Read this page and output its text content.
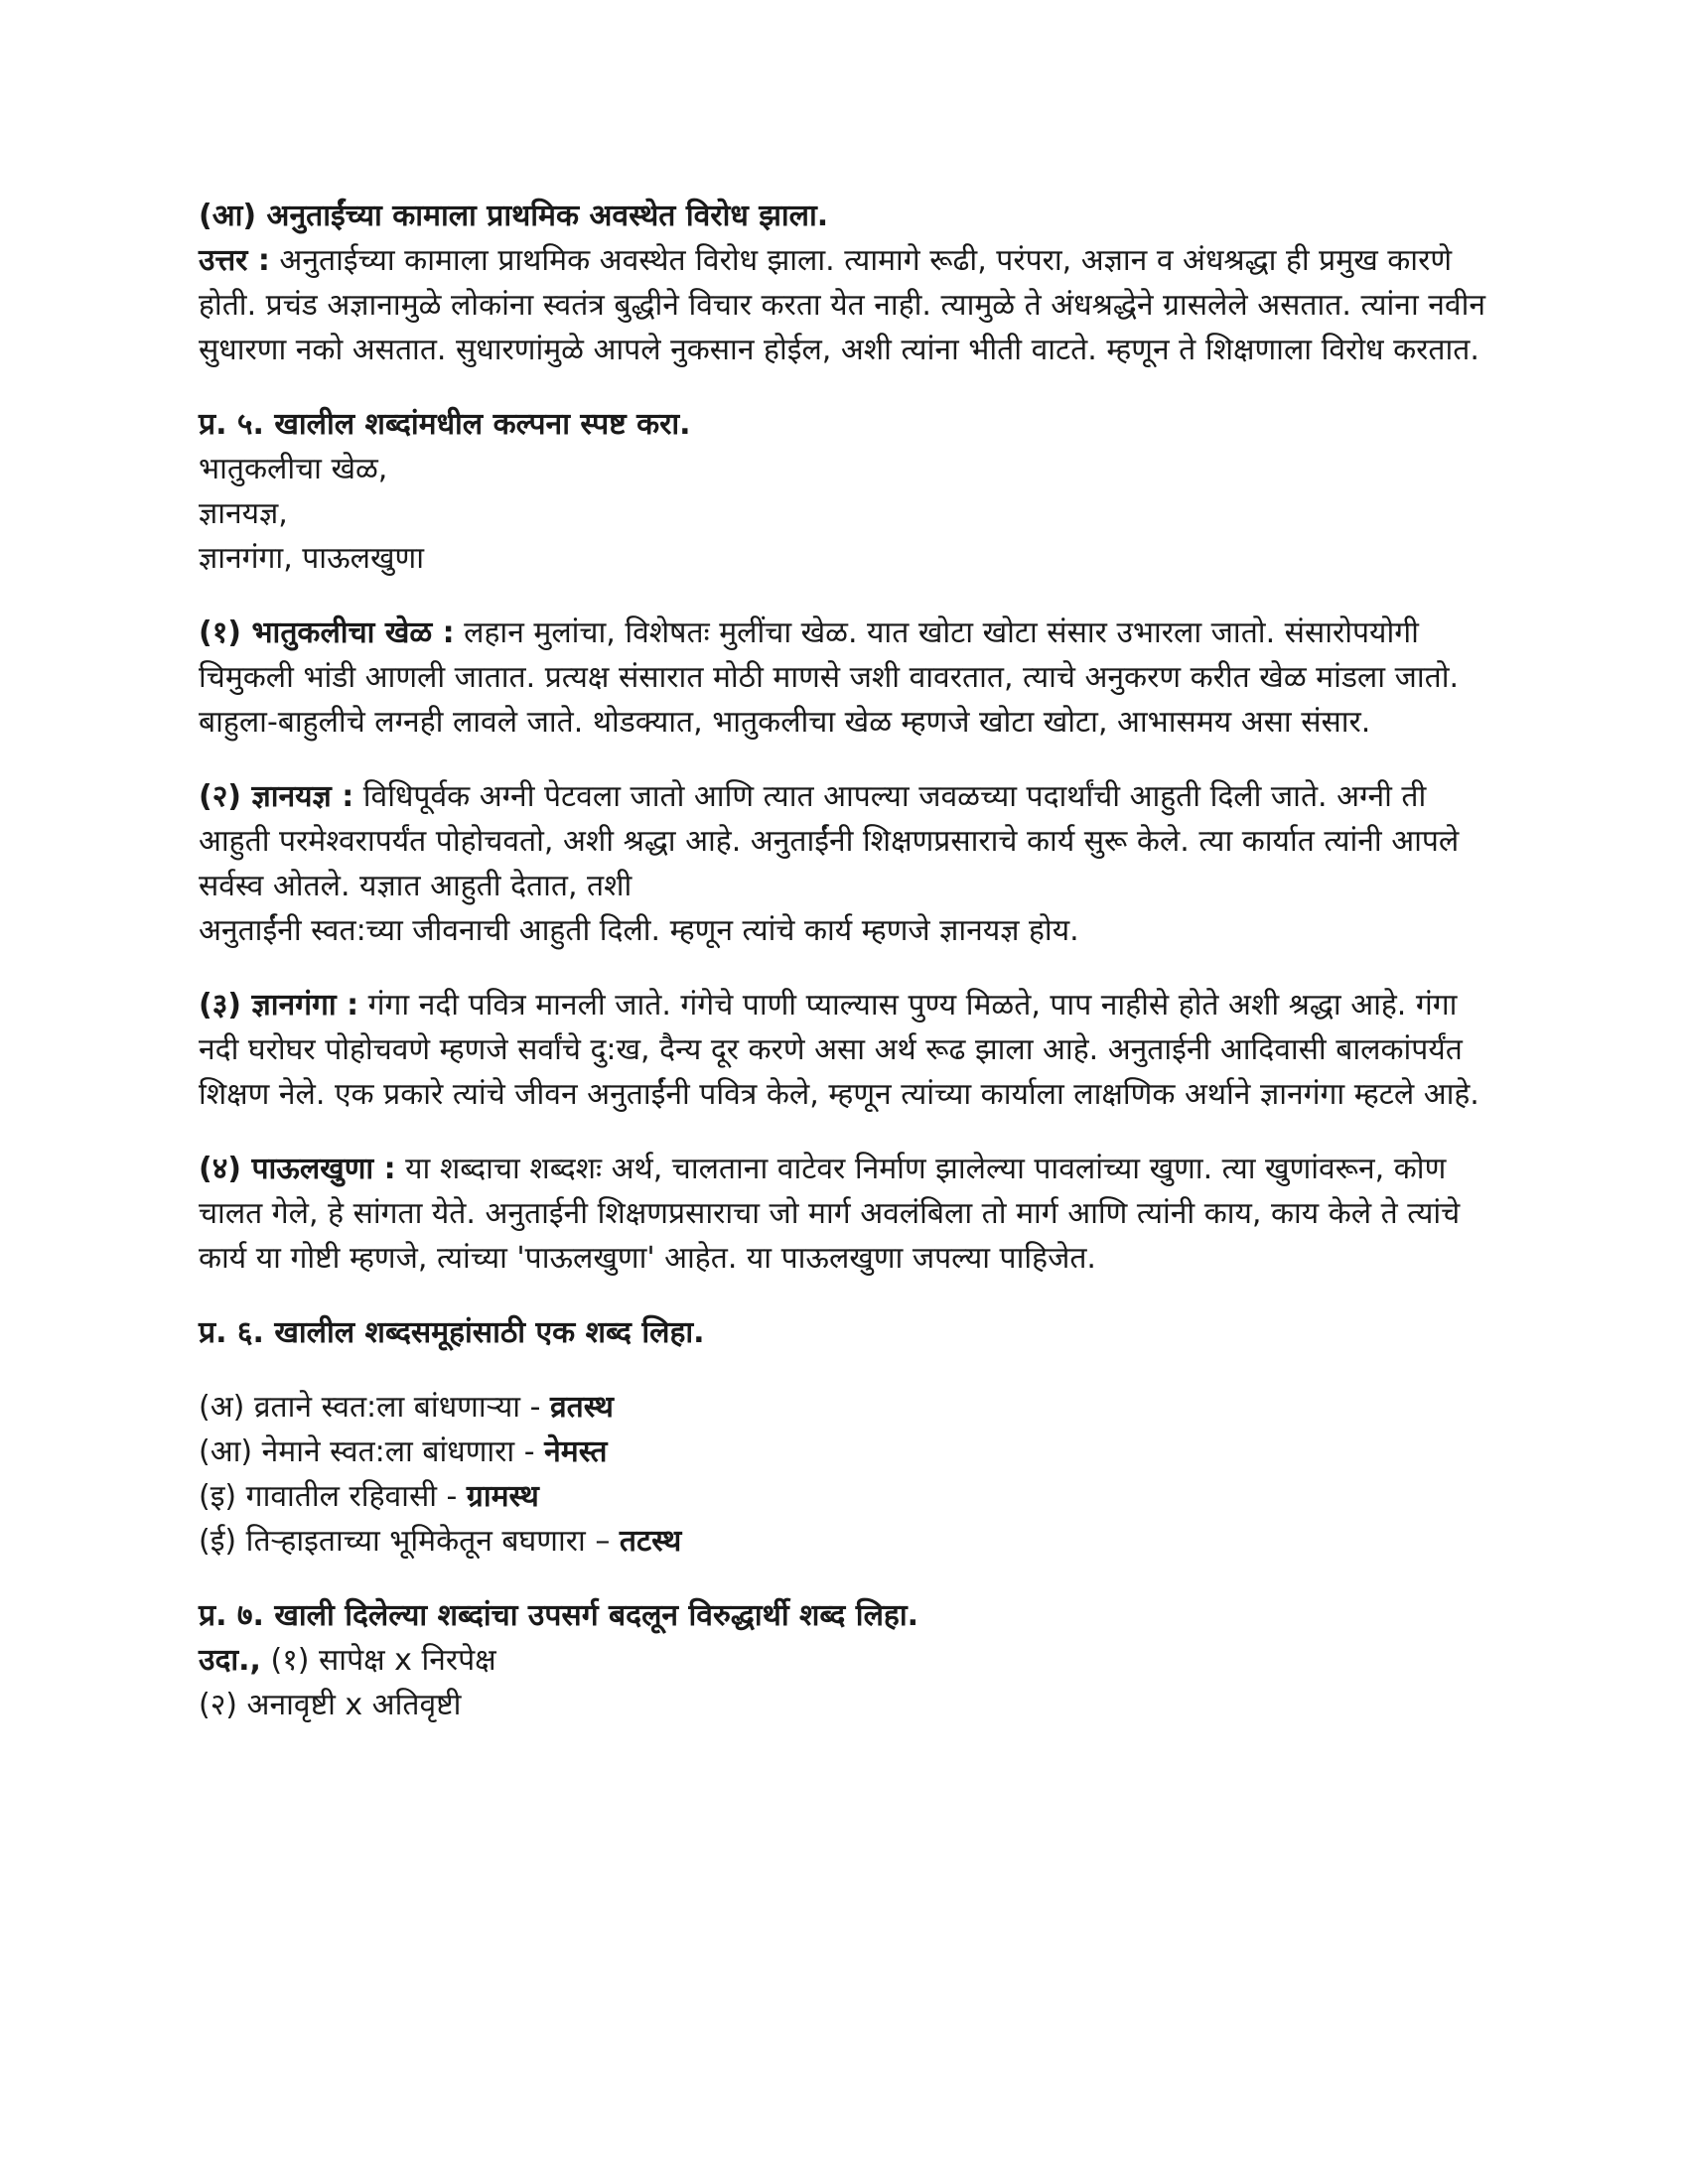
(आ) अनुताईंच्या कामाला प्राथमिक अवस्थेत विरोध झाला.

उत्तर : अनुताईच्या कामाला प्राथमिक अवस्थेत विरोध झाला. त्यामागे रूढी, परंपरा, अज्ञान व अंधश्रद्धा ही प्रमुख कारणे होती. प्रचंड अज्ञानामुळे लोकांना स्वतंत्र बुद्धीने विचार करता येत नाही. त्यामुळे ते अंधश्रद्धेने ग्रासलेले असतात. त्यांना नवीन सुधारणा नको असतात. सुधारणांमुळे आपले नुकसान होईल, अशी त्यांना भीती वाटते. म्हणून ते शिक्षणाला विरोध करतात.

प्र. ५. खालील शब्दांमधील कल्पना स्पष्ट करा.
भातुकलीचा खेळ,
ज्ञानयज्ञ,
ज्ञानगंगा, पाऊलखुणा

(१) भातुकलीचा खेळ : लहान मुलांचा, विशेषतः मुलींचा खेळ. यात खोटा खोटा संसार उभारला जातो. संसारोपयोगी चिमुकली भांडी आणली जातात. प्रत्यक्ष संसारात मोठी माणसे जशी वावरतात, त्याचे अनुकरण करीत खेळ मांडला जातो. बाहुला-बाहुलीचे लग्नही लावले जाते. थोडक्यात, भातुकलीचा खेळ म्हणजे खोटा खोटा, आभासमय असा संसार.

(२) ज्ञानयज्ञ : विधिपूर्वक अग्नी पेटवला जातो आणि त्यात आपल्या जवळच्या पदार्थांची आहुती दिली जाते. अग्नी ती आहुती परमेश्वरापर्यंत पोहोचवतो, अशी श्रद्धा आहे. अनुताईंनी शिक्षणप्रसाराचे कार्य सुरू केले. त्या कार्यात त्यांनी आपले सर्वस्व ओतले. यज्ञात आहुती देतात, तशी

अनुताईंनी स्वत:च्या जीवनाची आहुती दिली. म्हणून त्यांचे कार्य म्हणजे ज्ञानयज्ञ होय.

(३) ज्ञानगंगा : गंगा नदी पवित्र मानली जाते. गंगेचे पाणी प्याल्यास पुण्य मिळते, पाप नाहीसे होते अशी श्रद्धा आहे. गंगा नदी घरोघर पोहोचवणे म्हणजे सर्वांचे दु:ख, दैन्य दूर करणे असा अर्थ रूढ झाला आहे. अनुताईनी आदिवासी बालकांपर्यंत शिक्षण नेले. एक प्रकारे त्यांचे जीवन अनुताईंनी पवित्र केले, म्हणून त्यांच्या कार्याला लाक्षणिक अर्थाने ज्ञानगंगा म्हटले आहे.

(४) पाऊलखुणा : या शब्दाचा शब्दशः अर्थ, चालताना वाटेवर निर्माण झालेल्या पावलांच्या खुणा. त्या खुणांवरून, कोण चालत गेले, हे सांगता येते. अनुताईनी शिक्षणप्रसाराचा जो मार्ग अवलंबिला तो मार्ग आणि त्यांनी काय, काय केले ते त्यांचे कार्य या गोष्टी म्हणजे, त्यांच्या 'पाऊलखुणा' आहेत. या पाऊलखुणा जपल्या पाहिजेत.

प्र. ६. खालील शब्दसमूहांसाठी एक शब्द लिहा.
(अ) व्रताने स्वत:ला बांधणाऱ्या - व्रतस्थ
(आ) नेमाने स्वत:ला बांधणारा - नेमस्त
(इ) गावातील रहिवासी - ग्रामस्थ
(ई) तिऱ्हाइताच्या भूमिकेतून बघणारा – तटस्थ
प्र. ७. खाली दिलेल्या शब्दांचा उपसर्ग बदलून विरुद्धार्थी शब्द लिहा.
उदा., (१) सापेक्ष x निरपेक्ष
(२) अनावृष्टी x अतिवृष्टी
